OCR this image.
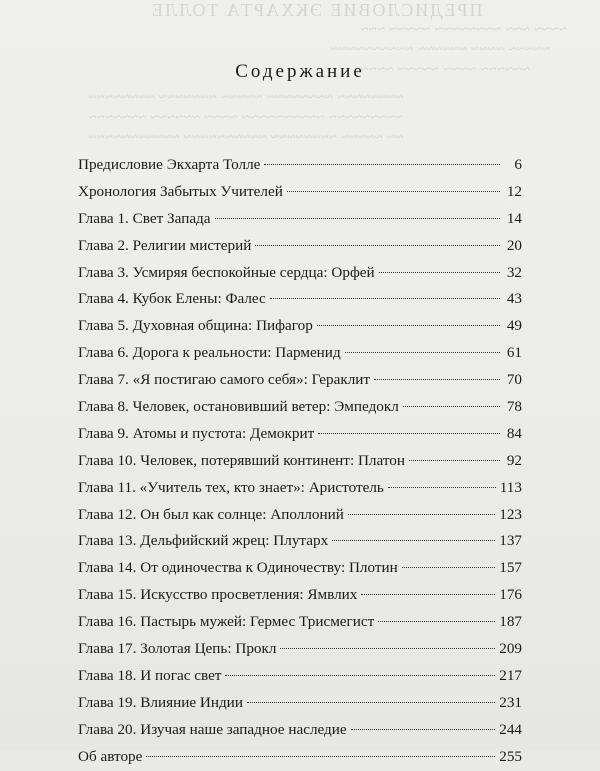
ПРЕДИСЛОВИЕ ЭКХАРТА ТОЛЛЕ
~~~~ ~~~ ~~~~~~~~ ~~~~~ ~~~
~~~~~ ~~~~ ~~~~~~ ~~~~~~~~~~
~~~~~~ ~~~~ ~~~~~ ~~~~
~~~~~~~~ ~~~~~~~~ ~~~~~ ~~~~~~~ ~~~~~~~~
~~~~~~~~~ ~~~~~~~~~~ ~~~~ ~~~~~~ ~~~~~~~
~~ ~~~~~ ~~~~~~~~ ~~~~~~~~~~ ~~~~~~~~~~~
Содержание
Предисловие Экхарта Толле	6
Хронология Забытых Учителей	12
Глава 1. Свет Запада	14
Глава 2. Религии мистерий	20
Глава 3. Усмиряя беспокойные сердца: Орфей	32
Глава 4. Кубок Елены: Фалес	43
Глава 5. Духовная община: Пифагор	49
Глава 6. Дорога к реальности: Парменид	61
Глава 7. «Я постигаю самого себя»: Гераклит	70
Глава 8. Человек, остановивший ветер: Эмпедокл	78
Глава 9. Атомы и пустота: Демокрит	84
Глава 10. Человек, потерявший континент: Платон	92
Глава 11. «Учитель тех, кто знает»: Аристотель	113
Глава 12. Он был как солнце: Аполлоний	123
Глава 13. Дельфийский жрец: Плутарх	137
Глава 14. От одиночества к Одиночеству: Плотин	157
Глава 15. Искусство просветления: Ямвлих	176
Глава 16. Пастырь мужей: Гермес Трисмегист	187
Глава 17. Золотая Цепь: Прокл	209
Глава 18. И погас свет	217
Глава 19. Влияние Индии	231
Глава 20. Изучая наше западное наследие	244
Об авторе	255
